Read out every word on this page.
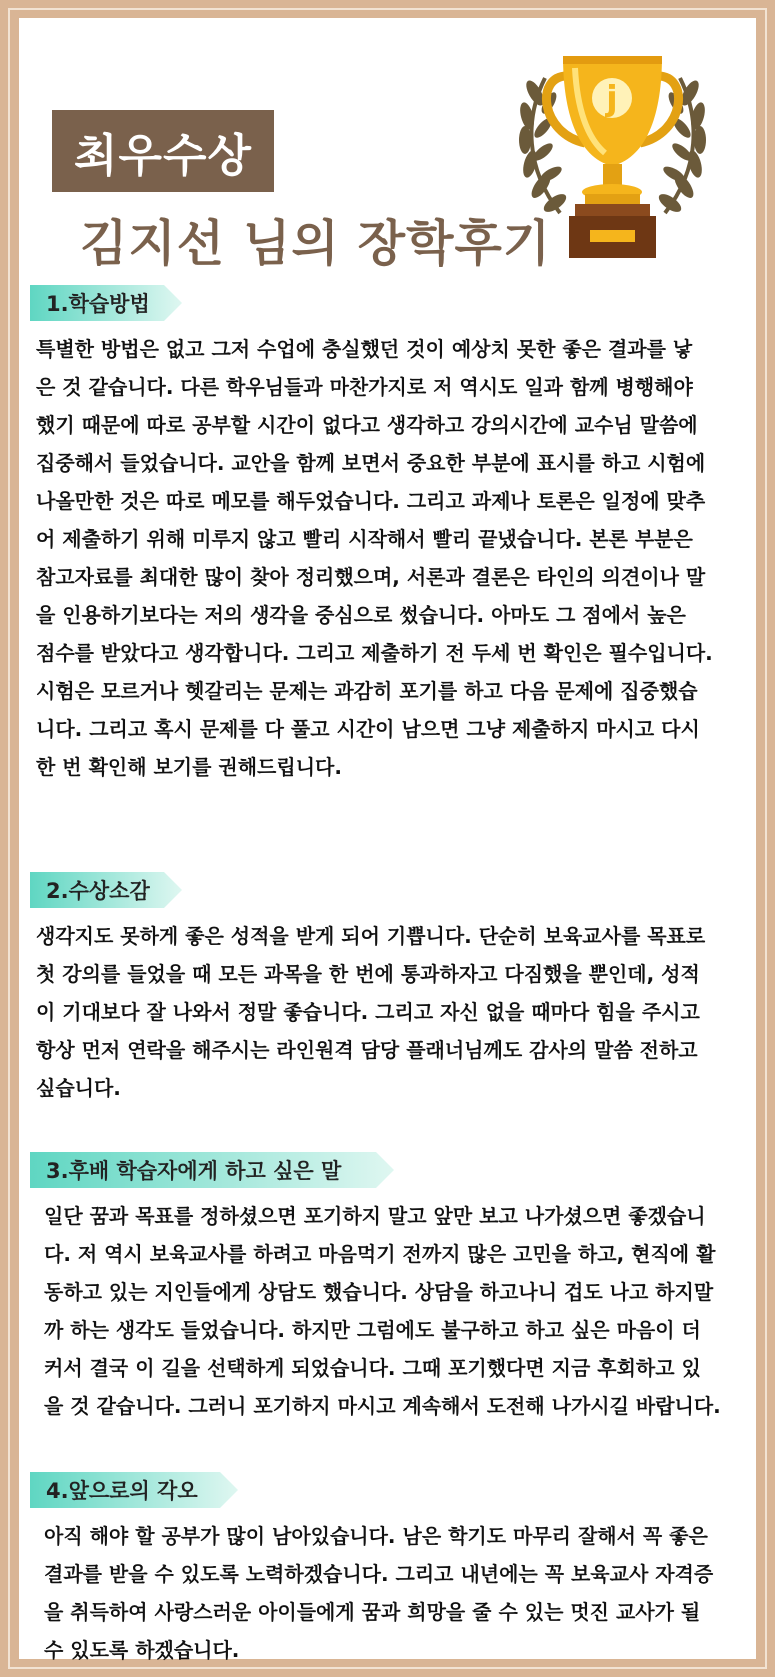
최우수상
김지선 님의 장학후기
j
1.학습방법
특별한 방법은 없고 그저 수업에 충실했던 것이 예상치 못한 좋은 결과를 낳
은 것 같습니다. 다른 학우님들과 마찬가지로 저 역시도 일과 함께 병행해야
했기 때문에 따로 공부할 시간이 없다고 생각하고 강의시간에 교수님 말씀에
집중해서 들었습니다. 교안을 함께 보면서 중요한 부분에 표시를 하고 시험에
나올만한 것은 따로 메모를 해두었습니다. 그리고 과제나 토론은 일정에 맞추
어 제출하기 위해 미루지 않고 빨리 시작해서 빨리 끝냈습니다. 본론 부분은
참고자료를 최대한 많이 찾아 정리했으며, 서론과 결론은 타인의 의견이나 말
을 인용하기보다는 저의 생각을 중심으로 썼습니다. 아마도 그 점에서 높은
점수를 받았다고 생각합니다. 그리고 제출하기 전 두세 번 확인은 필수입니다.
시험은 모르거나 헷갈리는 문제는 과감히 포기를 하고 다음 문제에 집중했습
니다. 그리고 혹시 문제를 다 풀고 시간이 남으면 그냥 제출하지 마시고 다시
한 번 확인해 보기를 권해드립니다.
2.수상소감
생각지도 못하게 좋은 성적을 받게 되어 기쁩니다. 단순히 보육교사를 목표로
첫 강의를 들었을 때 모든 과목을 한 번에 통과하자고 다짐했을 뿐인데, 성적
이 기대보다 잘 나와서 정말 좋습니다. 그리고 자신 없을 때마다 힘을 주시고
항상 먼저 연락을 해주시는 라인원격 담당 플래너님께도 감사의 말씀 전하고
싶습니다.
3.후배 학습자에게 하고 싶은 말
일단 꿈과 목표를 정하셨으면 포기하지 말고 앞만 보고 나가셨으면 좋겠습니
다. 저 역시 보육교사를 하려고 마음먹기 전까지 많은 고민을 하고, 현직에 활
동하고 있는 지인들에게 상담도 했습니다. 상담을 하고나니 겁도 나고 하지말
까 하는 생각도 들었습니다. 하지만 그럼에도 불구하고 하고 싶은 마음이 더
커서 결국 이 길을 선택하게 되었습니다. 그때 포기했다면 지금 후회하고 있
을 것 같습니다. 그러니 포기하지 마시고 계속해서 도전해 나가시길 바랍니다.
4.앞으로의 각오
아직 해야 할 공부가 많이 남아있습니다. 남은 학기도 마무리 잘해서 꼭 좋은
결과를 받을 수 있도록 노력하겠습니다. 그리고 내년에는 꼭 보육교사 자격증
을 취득하여 사랑스러운 아이들에게 꿈과 희망을 줄 수 있는 멋진 교사가 될
수 있도록 하겠습니다.
